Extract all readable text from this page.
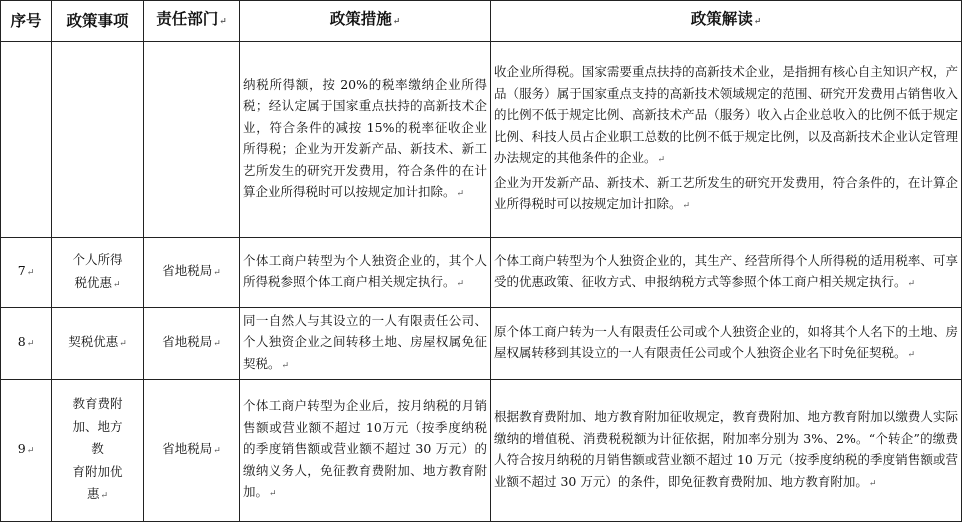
序号	政策事项	责任部门↵	政策措施↵	政策解读↵
			纳税所得额，按 20%的税率缴纳企业所得税；经认定属于国家重点扶持的高新技术企业，符合条件的减按 15%的税率征收企业所得税；企业为开发新产品、新技术、新工艺所发生的研究开发费用，符合条件的在计算企业所得税时可以按规定加计扣除。↵	收企业所得税。国家需要重点扶持的高新技术企业，是指拥有核心自主知识产权，产品（服务）属于国家重点支持的高新技术领域规定的范围、研究开发费用占销售收入的比例不低于规定比例、高新技术产品（服务）收入占企业总收入的比例不低于规定比例、科技人员占企业职工总数的比例不低于规定比例，以及高新技术企业认定管理办法规定的其他条件的企业。↵
企业为开发新产品、新技术、新工艺所发生的研究开发费用，符合条件的，在计算企业所得税时可以按规定加计扣除。↵

7↵	个人所得
税优惠↵	省地税局↵	个体工商户转型为个人独资企业的，其个人所得税参照个体工商户相关规定执行。↵	个体工商户转型为个人独资企业的，其生产、经营所得个人所得税的适用税率、可享受的优惠政策、征收方式、申报纳税方式等参照个体工商户相关规定执行。↵
8↵	契税优惠↵	省地税局↵	同一自然人与其设立的一人有限责任公司、个人独资企业之间转移土地、房屋权属免征契税。↵	原个体工商户转为一人有限责任公司或个人独资企业的，如将其个人名下的土地、房屋权属转移到其设立的一人有限责任公司或个人独资企业名下时免征契税。↵
9↵	教育费附
加、地方教
育附加优
惠↵	省地税局↵	个体工商户转型为企业后，按月纳税的月销售额或营业额不超过 10万元（按季度纳税的季度销售额或营业额不超过 30 万元）的缴纳义务人，免征教育费附加、地方教育附加。↵	根据教育费附加、地方教育附加征收规定，教育费附加、地方教育附加以缴费人实际缴纳的增值税、消费税税额为计征依据，附加率分别为 3%、2%。“个转企”的缴费人符合按月纳税的月销售额或营业额不超过 10 万元（按季度纳税的季度销售额或营业额不超过 30 万元）的条件，即免征教育费附加、地方教育附加。↵
